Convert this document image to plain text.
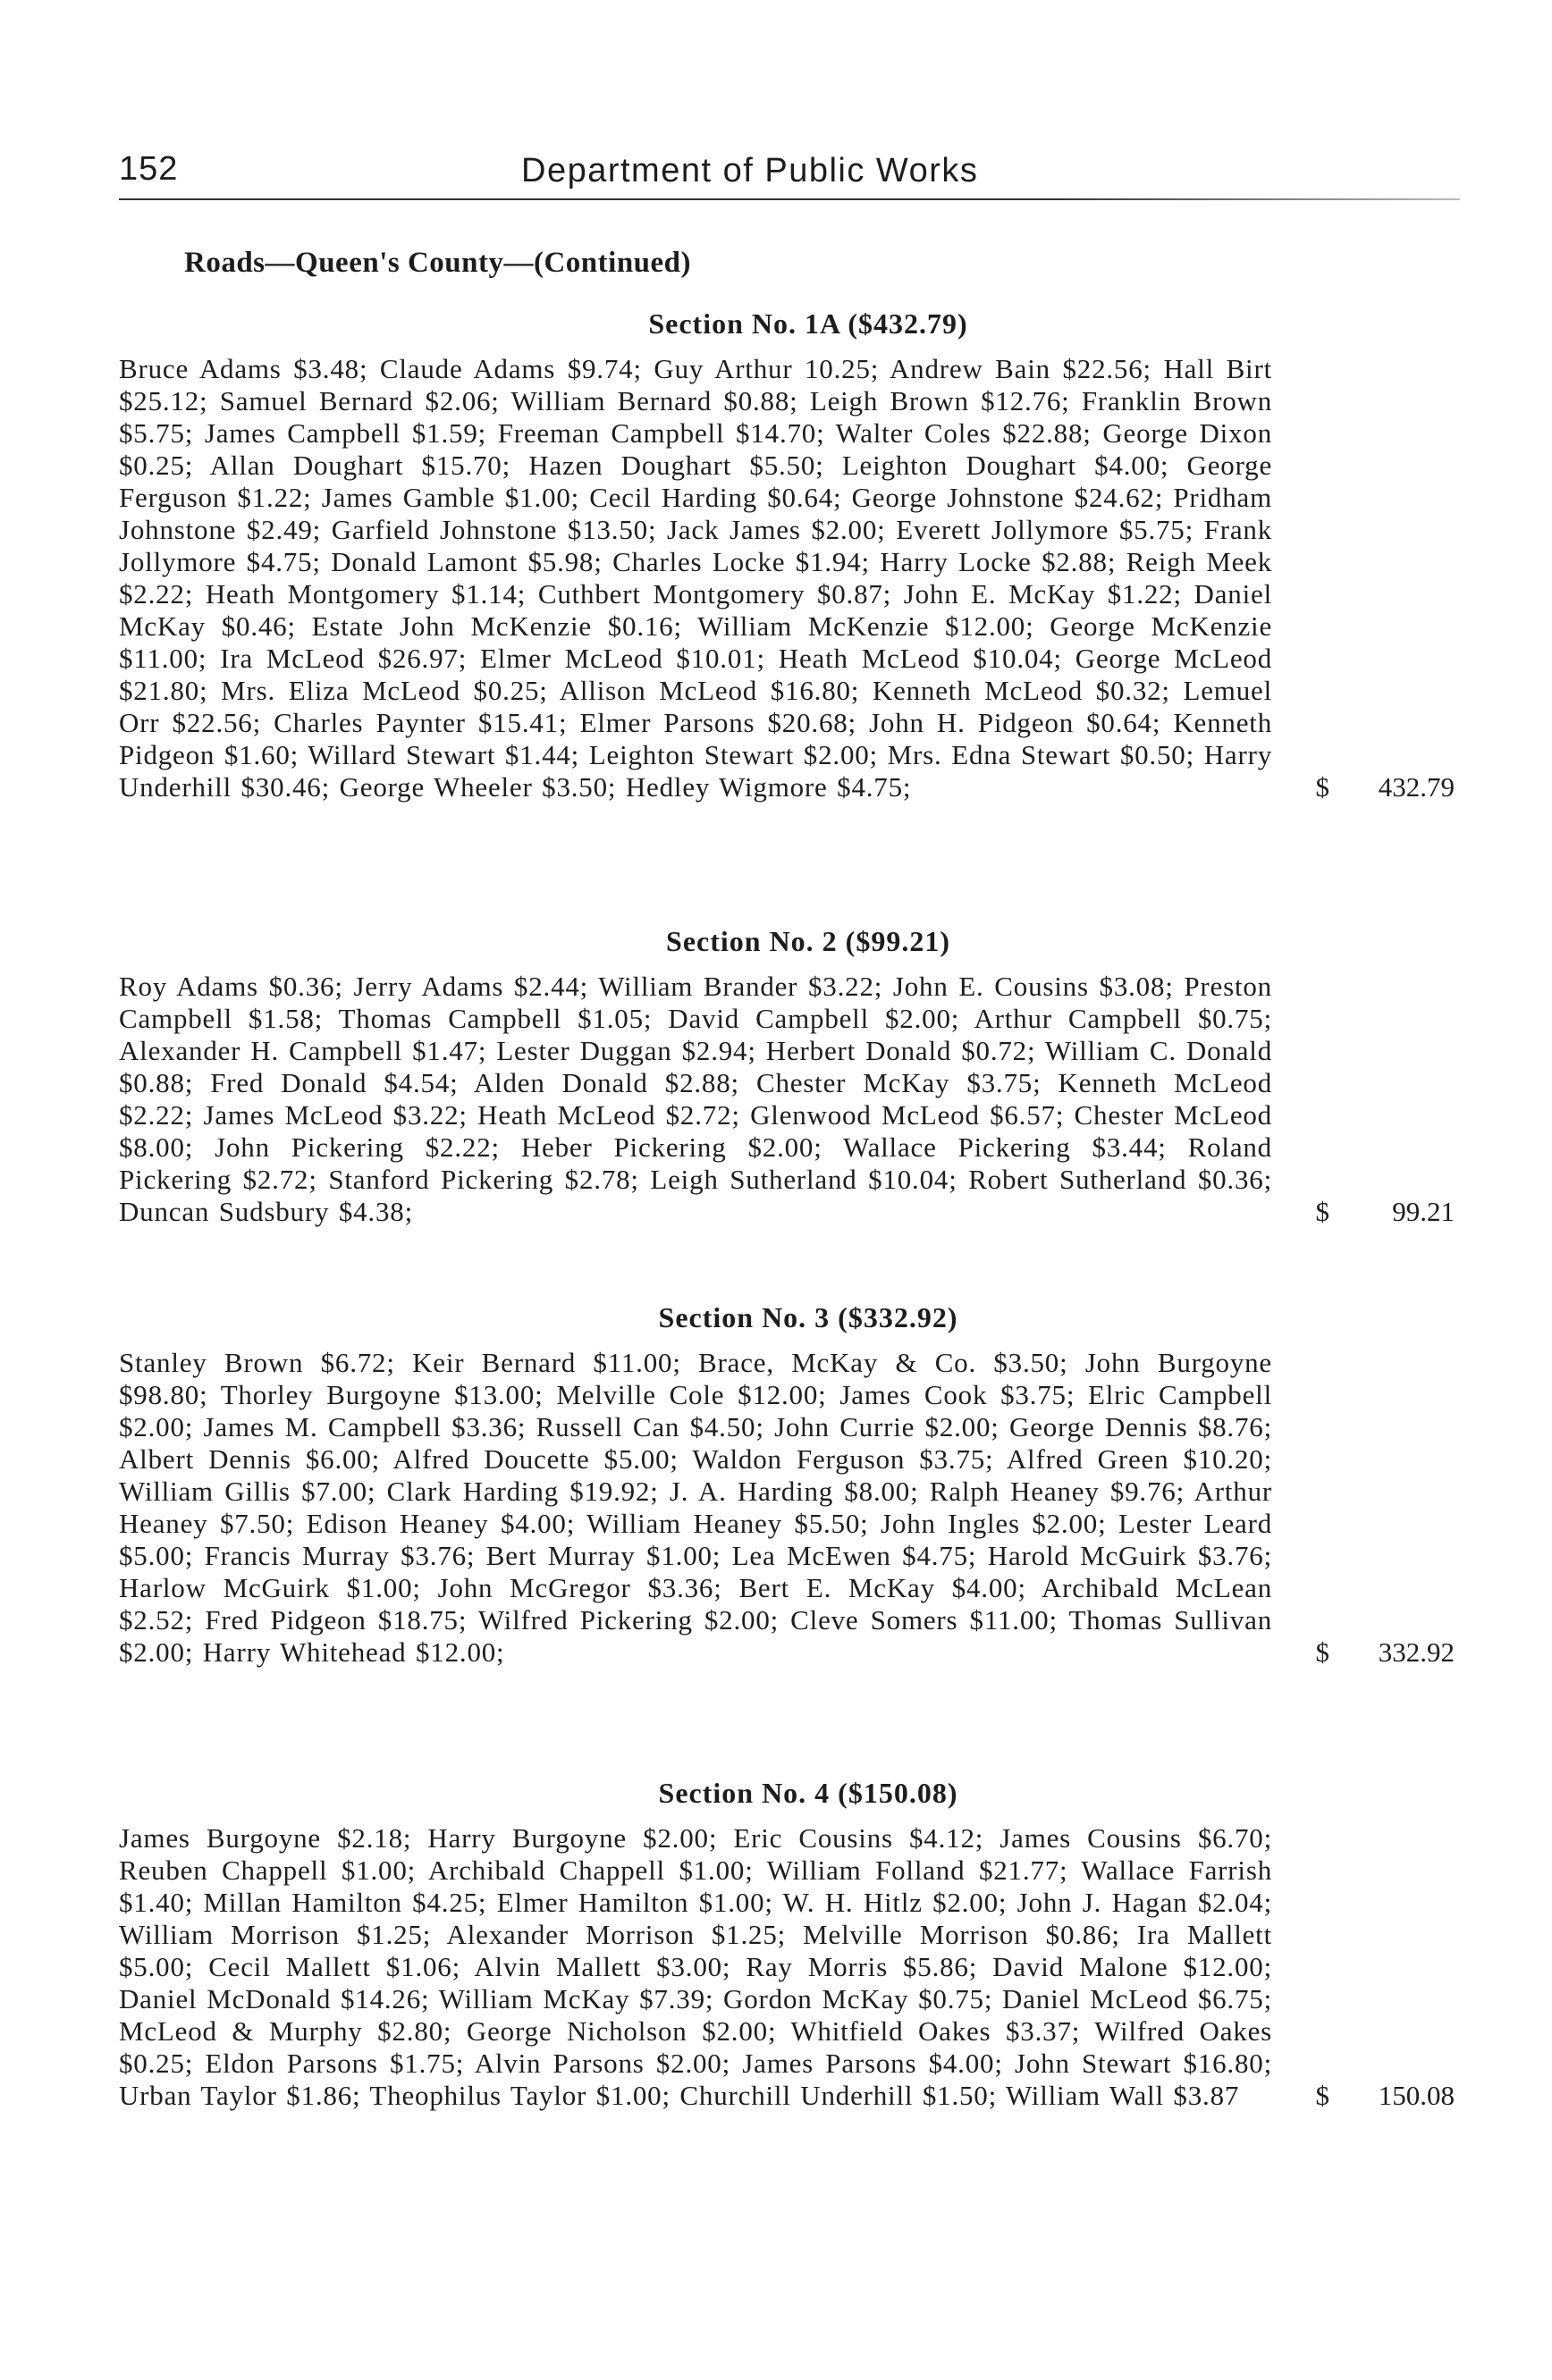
152	Department of Public Works
Roads—Queen's County—(Continued)
Section No. 1A ($432.79)

Bruce Adams $3.48; Claude Adams $9.74; Guy Arthur 10.25; Andrew Bain $22.56; Hall Birt $25.12; Samuel Bernard $2.06; William Bernard $0.88; Leigh Brown $12.76; Franklin Brown $5.75; James Campbell $1.59; Freeman Campbell $14.70; Walter Coles $22.88; George Dixon $0.25; Allan Doughart $15.70; Hazen Doughart $5.50; Leighton Doughart $4.00; George Ferguson $1.22; James Gamble $1.00; Cecil Harding $0.64; George Johnstone $24.62; Pridham Johnstone $2.49; Garfield Johnstone $13.50; Jack James $2.00; Everett Jollymore $5.75; Frank Jollymore $4.75; Donald Lamont $5.98; Charles Locke $1.94; Harry Locke $2.88; Reigh Meek $2.22; Heath Montgomery $1.14; Cuthbert Montgomery $0.87; John E. McKay $1.22; Daniel McKay $0.46; Estate John McKenzie $0.16; William McKenzie $12.00; George McKenzie $11.00; Ira McLeod $26.97; Elmer McLeod $10.01; Heath McLeod $10.04; George McLeod $21.80; Mrs. Eliza McLeod $0.25; Allison McLeod $16.80; Kenneth McLeod $0.32; Lemuel Orr $22.56; Charles Paynter $15.41; Elmer Parsons $20.68; John H. Pidgeon $0.64; Kenneth Pidgeon $1.60; Willard Stewart $1.44; Leighton Stewart $2.00; Mrs. Edna Stewart $0.50; Harry Underhill $30.46; George Wheeler $3.50; Hedley Wigmore $4.75;	$ 432.79
Section No. 2 ($99.21)

Roy Adams $0.36; Jerry Adams $2.44; William Brander $3.22; John E. Cousins $3.08; Preston Campbell $1.58; Thomas Campbell $1.05; David Campbell $2.00; Arthur Campbell $0.75; Alexander H. Campbell $1.47; Lester Duggan $2.94; Herbert Donald $0.72; William C. Donald $0.88; Fred Donald $4.54; Alden Donald $2.88; Chester McKay $3.75; Kenneth McLeod $2.22; James McLeod $3.22; Heath McLeod $2.72; Glenwood McLeod $6.57; Chester McLeod $8.00; John Pickering $2.22; Heber Pickering $2.00; Wallace Pickering $3.44; Roland Pickering $2.72; Stanford Pickering $2.78; Leigh Sutherland $10.04; Robert Sutherland $0.36; Duncan Sudsbury $4.38;	$ 99.21
Section No. 3 ($332.92)

Stanley Brown $6.72; Keir Bernard $11.00; Brace, McKay & Co. $3.50; John Burgoyne $98.80; Thorley Burgoyne $13.00; Melville Cole $12.00; James Cook $3.75; Elric Campbell $2.00; James M. Campbell $3.36; Russell Can $4.50; John Currie $2.00; George Dennis $8.76; Albert Dennis $6.00; Alfred Doucette $5.00; Waldon Ferguson $3.75; Alfred Green $10.20; William Gillis $7.00; Clark Harding $19.92; J. A. Harding $8.00; Ralph Heaney $9.76; Arthur Heaney $7.50; Edison Heaney $4.00; William Heaney $5.50; John Ingles $2.00; Lester Leard $5.00; Francis Murray $3.76; Bert Murray $1.00; Lea McEwen $4.75; Harold McGuirk $3.76; Harlow McGuirk $1.00; John McGregor $3.36; Bert E. McKay $4.00; Archibald McLean $2.52; Fred Pidgeon $18.75; Wilfred Pickering $2.00; Cleve Somers $11.00; Thomas Sullivan $2.00; Harry Whitehead $12.00;	$ 332.92
Section No. 4 ($150.08)

James Burgoyne $2.18; Harry Burgoyne $2.00; Eric Cousins $4.12; James Cousins $6.70; Reuben Chappell $1.00; Archibald Chappell $1.00; William Folland $21.77; Wallace Farrish $1.40; Millan Hamilton $4.25; Elmer Hamilton $1.00; W. H. Hitlz $2.00; John J. Hagan $2.04; William Morrison $1.25; Alexander Morrison $1.25; Melville Morrison $0.86; Ira Mallett $5.00; Cecil Mallett $1.06; Alvin Mallett $3.00; Ray Morris $5.86; David Malone $12.00; Daniel McDonald $14.26; William McKay $7.39; Gordon McKay $0.75; Daniel McLeod $6.75; McLeod & Murphy $2.80; George Nicholson $2.00; Whitfield Oakes $3.37; Wilfred Oakes $0.25; Eldon Parsons $1.75; Alvin Parsons $2.00; James Parsons $4.00; John Stewart $16.80; Urban Taylor $1.86; Theophilus Taylor $1.00; Churchill Underhill $1.50; William Wall $3.87	$ 150.08
